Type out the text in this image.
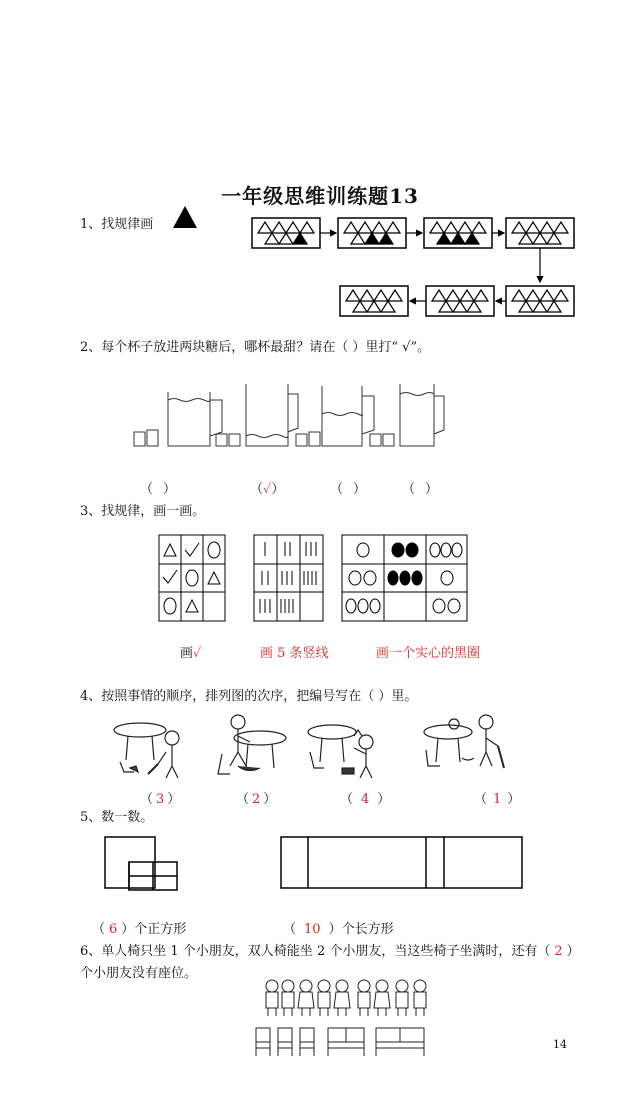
一年级思维训练题13
1、找规律画
2、每个杯子放进两块糖后，哪杯最甜？请在（ ）里打“ √”。
（ ）	（✓）	（ ）	（ ）
3、找规律，画一画。
画✓	画 5 条竖线	画一个实心的黑圈
4、按照事情的顺序，排列图的次序，把编号写在（ ）里。
（ 3 ）	（ 2 ）	（ 4 ）	（ 1 ）
5、数一数。
（ 6 ）个正方形	（ 10 ）个长方形
6、单人椅只坐 1 个小朋友，双人椅能坐 2 个小朋友，当这些椅子坐满时，还有（ 2 ）
个小朋友没有座位。
14
